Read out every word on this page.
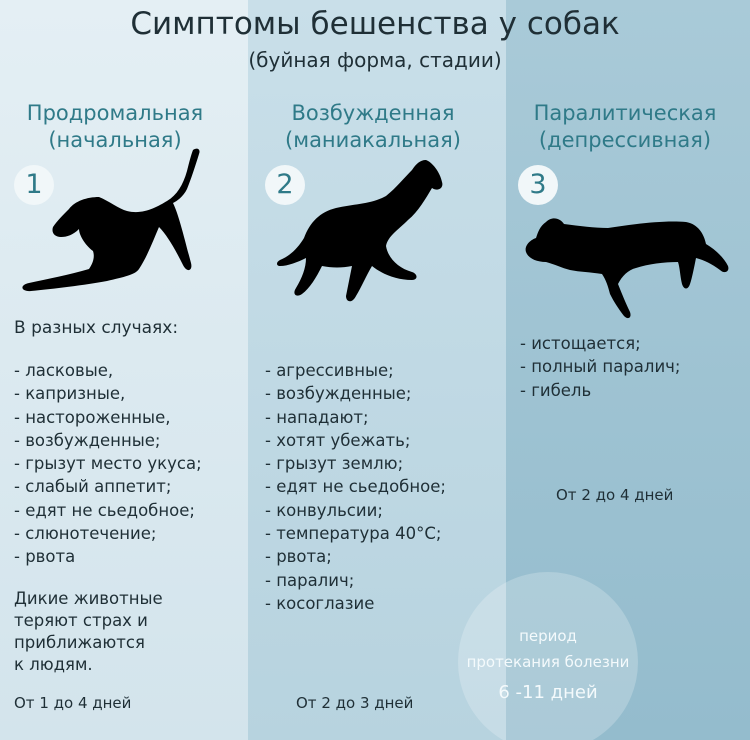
Симптомы бешенства у собак
(буйная форма, стадии)
Продромальная
(начальная)
1
В разных случаях:
- ласковые,
- капризные,
- настороженные,
- возбужденные;
- грызут место укуса;
- слабый аппетит;
- едят не сьедобное;
- слюнотечение;
- рвота
Дикие животные
теряют страх и
приближаются
к людям.
От 1 до 4 дней
Возбужденная
(маниакальная)
2
- агрессивные;
- возбужденные;
- нападают;
- хотят убежать;
- грызут землю;
- едят не сьедобное;
- конвульсии;
- температура 40°С;
- рвота;
- паралич;
- косоглазие
От 2 до 3 дней
Паралитическая
(депрессивная)
3
- истощается;
- полный паралич;
- гибель
От 2 до 4 дней
период
протекания болезни
6 -11 дней
